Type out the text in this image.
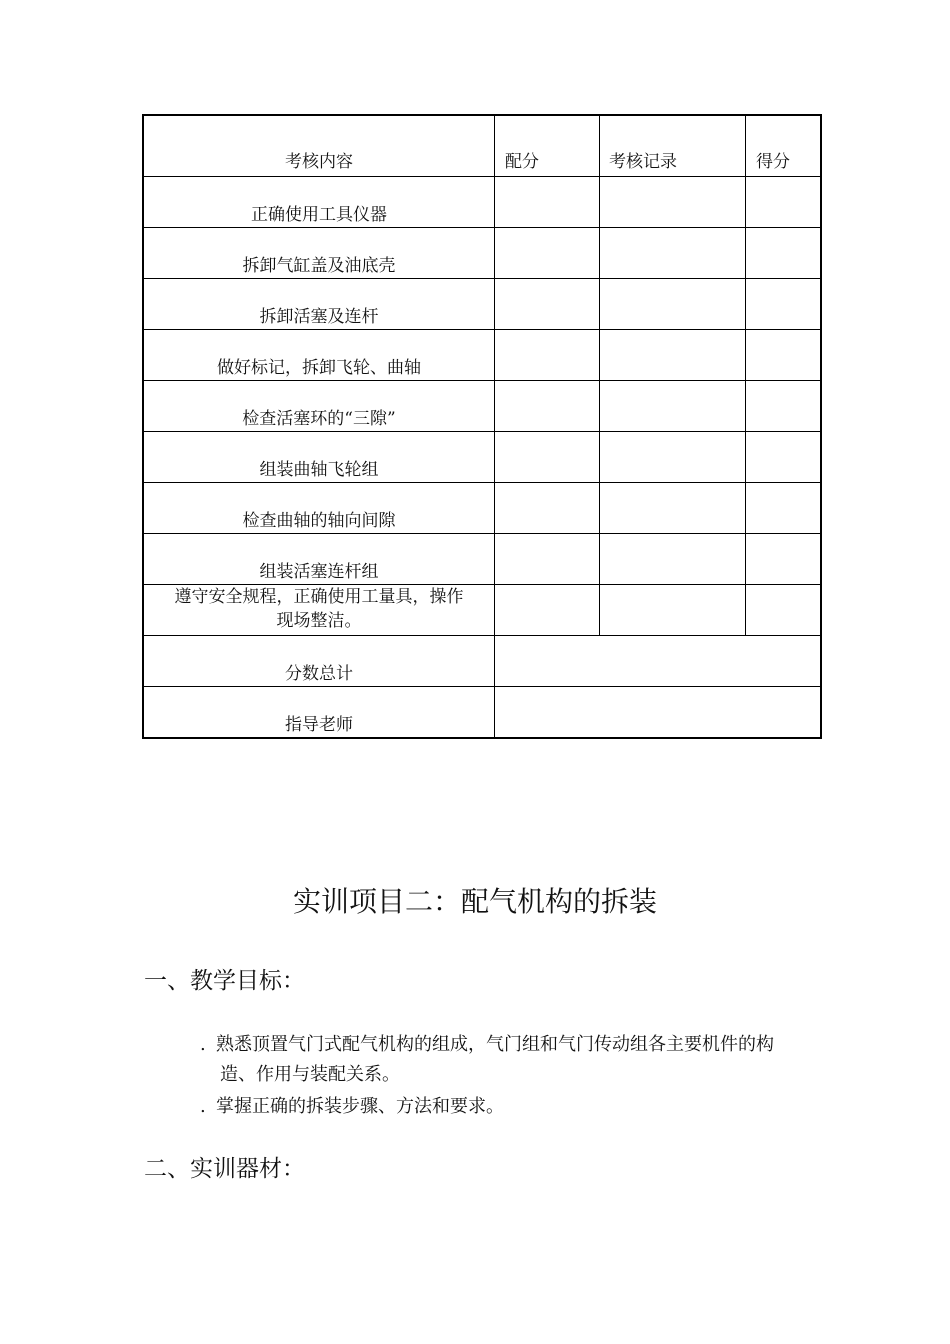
考核内容	配分	考核记录	得分
正确使用工具仪器			
拆卸气缸盖及油底壳			
拆卸活塞及连杆			
做好标记，拆卸飞轮、曲轴			
检查活塞环的“三隙”			
组装曲轴飞轮组			
检查曲轴的轴向间隙			
组装活塞连杆组			

遵守安全规程，正确使用工量具，操作
现场整洁。			

分数总计			
指导老师			
实训项目二：配气机构的拆装
一、教学目标：
. 熟悉顶置气门式配气机构的组成，气门组和气门传动组各主要机件的构
造、作用与装配关系。
. 掌握正确的拆装步骤、方法和要求。
二、实训器材：
